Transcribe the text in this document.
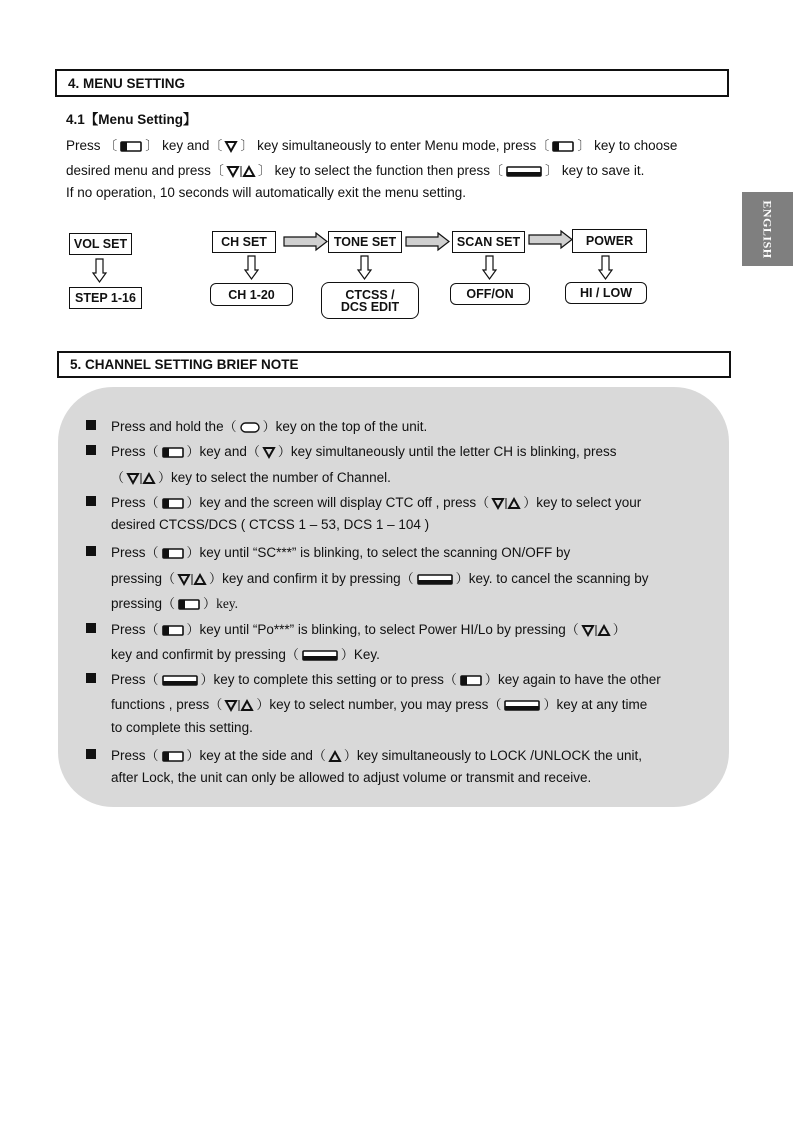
4. MENU SETTING
4.1【Menu Setting】
Press 〔 〕 key and〔 〕 key simultaneously to enter Menu mode, press〔 〕 key to choose
desired menu and press〔	〕 key to select the function then press〔	〕 key to save it.
If no operation, 10 seconds will automatically exit the menu setting.
ENGLISH
VOL SET	CH SET	TONE SET	SCAN SET	POWER
STEP 1-16	CH 1-20	CTCSS /
DCS EDIT
OFF/ON	HI / LOW
5. CHANNEL SETTING BRIEF NOTE
Press and hold the（ ）key on the top of the unit.
Press（ ）key and（ ）key simultaneously until the letter CH is blinking, press
（	）key to select the number of Channel.
Press（ ）key and the screen will display CTC off , press（	）key to select your
desired CTCSS/DCS ( CTCSS 1 – 53, DCS 1 – 104 )
Press（ ）key until “SC***” is blinking, to select the scanning ON/OFF by
pressing（	）key and confirm it by pressing（	）key. to cancel the scanning by
pressing（ ）key.
Press（ ）key until “Po***” is blinking, to select Power HI/Lo by pressing（	）
key and confirmit by pressing（	）Key.
Press（	）key to complete this setting or to press（ ）key again to have the other
functions , press（	）key to select number, you may press（	）key at any time
to complete this setting.
Press（ ）key at the side and（ ）key simultaneously to LOCK /UNLOCK the unit,
after Lock, the unit can only be allowed to adjust volume or transmit and receive.
